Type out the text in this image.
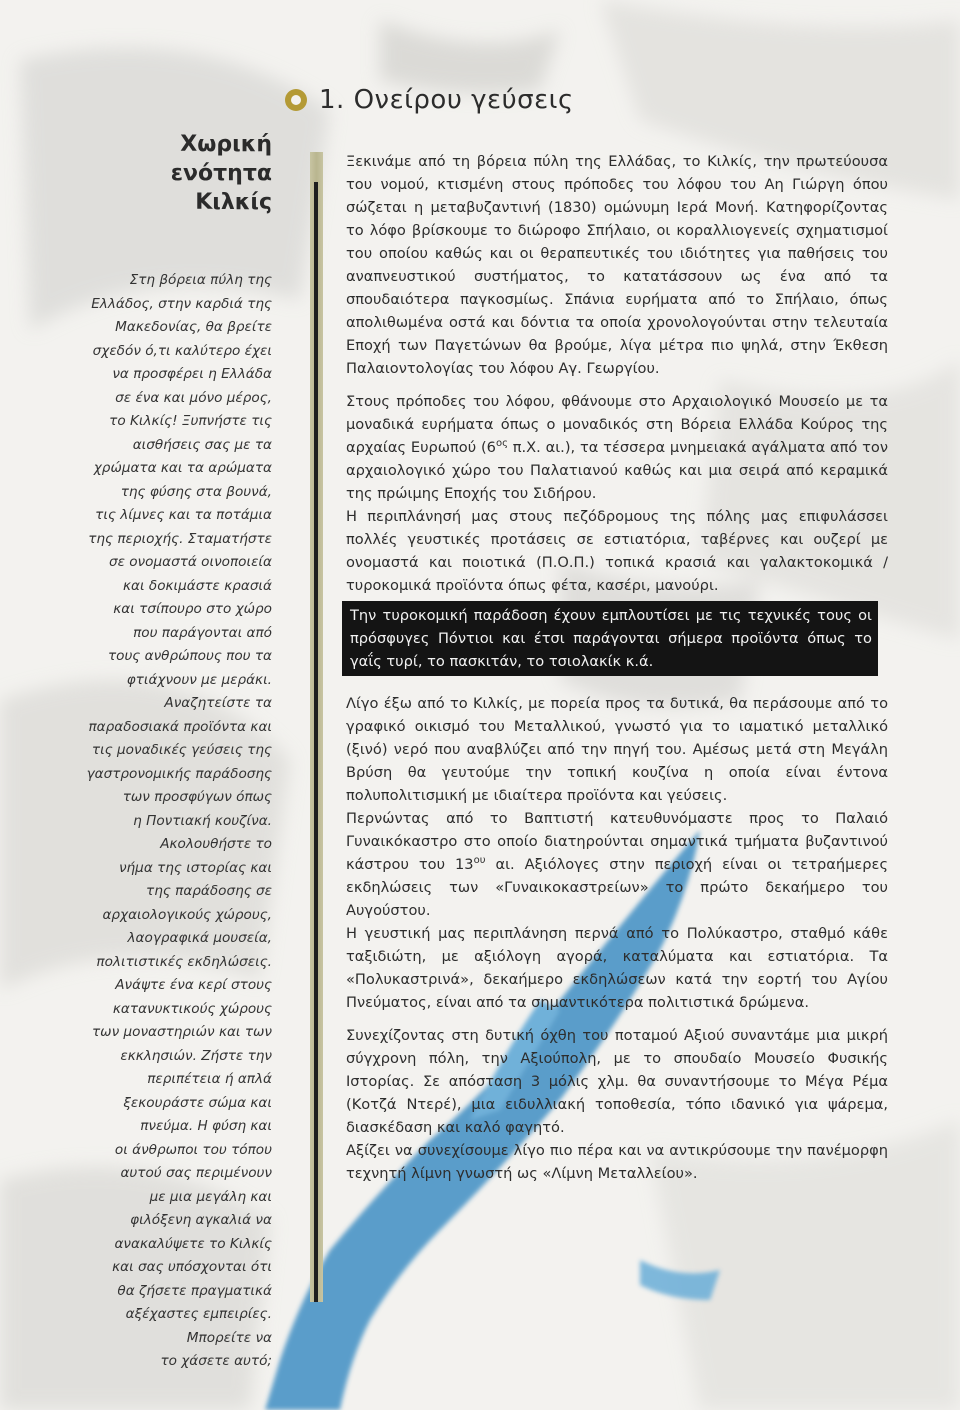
1. Ονείρου γεύσεις
Χωρική
ενότητα
Κιλκίς
Στη βόρεια πύλη της
Ελλάδος, στην καρδιά της
Μακεδονίας, θα βρείτε
σχεδόν ό,τι καλύτερο έχει
να προσφέρει η Ελλάδα
σε ένα και μόνο μέρος,
το Κιλκίς! Ξυπνήστε τις
αισθήσεις σας με τα
χρώματα και τα αρώματα
της φύσης στα βουνά,
τις λίμνες και τα ποτάμια
της περιοχής. Σταματήστε
σε ονομαστά οινοποιεία
και δοκιμάστε κρασιά
και τσίπουρο στο χώρο
που παράγονται από
τους ανθρώπους που τα
φτιάχνουν με μεράκι.
Αναζητείστε τα
παραδοσιακά προϊόντα και
τις μοναδικές γεύσεις της
γαστρονομικής παράδοσης
των προσφύγων όπως
η Ποντιακή κουζίνα.
Ακολουθήστε το
νήμα της ιστορίας και
της παράδοσης σε
αρχαιολογικούς χώρους,
λαογραφικά μουσεία,
πολιτιστικές εκδηλώσεις.
Ανάψτε ένα κερί στους
κατανυκτικούς χώρους
των μοναστηριών και των
εκκλησιών. Ζήστε την
περιπέτεια ή απλά
ξεκουράστε σώμα και
πνεύμα. Η φύση και
οι άνθρωποι του τόπου
αυτού σας περιμένουν
με μια μεγάλη και
φιλόξενη αγκαλιά να
ανακαλύψετε το Κιλκίς
και σας υπόσχονται ότι
θα ζήσετε πραγματικά
αξέχαστες εμπειρίες.
Μπορείτε να
το χάσετε αυτό;

Ξεκινάμε από τη βόρεια πύλη της Ελλάδας, το Κιλκίς, την πρωτεύουσα του νομού, κτισμένη στους πρόποδες του λόφου του Αη Γιώργη όπου σώζεται η μεταβυζαντινή (1830) ομώνυμη Ιερά Μονή. Κατηφορίζοντας το λόφο βρίσκουμε το διώροφο Σπήλαιο, οι κοραλλιογενείς σχηματισμοί του οποίου καθώς και οι θεραπευτικές του ιδιότητες για παθήσεις του αναπνευστικού συστήματος, το κατατάσσουν ως ένα από τα σπουδαιότερα παγκοσμίως. Σπάνια ευρήματα από το Σπήλαιο, όπως απολιθωμένα οστά και δόντια τα οποία χρονολογούνται στην τελευταία Εποχή των Παγετώνων θα βρούμε, λίγα μέτρα πιο ψηλά, στην Έκθεση Παλαιοντολογίας του λόφου Αγ. Γεωργίου.

Στους πρόποδες του λόφου, φθάνουμε στο Αρχαιολογικό Μουσείο με τα μοναδικά ευρήματα όπως ο μοναδικός στη Βόρεια Ελλάδα Κούρος της αρχαίας Ευρωπού ($6^{o\varsigma}$ π.Χ. αι.), τα τέσσερα μνημειακά αγάλματα από τον αρχαιολογικό χώρο του Παλατιανού καθώς και μια σειρά από κεραμικά της πρώιμης Εποχής του Σιδήρου.

Η περιπλάνησή μας στους πεζόδρομους της πόλης μας επιφυλάσσει πολλές γευστικές προτάσεις σε εστιατόρια, ταβέρνες και ουζερί με ονομαστά και ποιοτικά (Π.Ο.Π.) τοπικά κρασιά και γαλακτοκομικά / τυροκομικά προϊόντα όπως φέτα, κασέρι, μανούρι.

Την τυροκομική παράδοση έχουν εμπλουτίσει με τις τεχνικές τους οι πρόσφυγες Πόντιοι και έτσι παράγονται σήμερα προϊόντα όπως το γαΐς τυρί, το πασκιτάν, το τσιολακίκ κ.ά.

Λίγο έξω από το Κιλκίς, με πορεία προς τα δυτικά, θα περάσουμε από το γραφικό οικισμό του Μεταλλικού, γνωστό για το ιαματικό μεταλλικό (ξινό) νερό που αναβλύζει από την πηγή του. Αμέσως μετά στη Μεγάλη Βρύση θα γευτούμε την τοπική κουζίνα η οποία είναι έντονα πολυπολιτισμική με ιδιαίτερα προϊόντα και γεύσεις.

Περνώντας από το Βαπτιστή κατευθυνόμαστε προς το Παλαιό Γυναικόκαστρο στο οποίο διατηρούνται σημαντικά τμήματα βυζαντινού κάστρου του $13^{o\upsilon}$ αι. Αξιόλογες στην περιοχή είναι οι τετραήμερες εκδηλώσεις των «Γυναικοκαστρείων» το πρώτο δεκαήμερο του Αυγούστου.

Η γευστική μας περιπλάνηση περνά από το Πολύκαστρο, σταθμό κάθε ταξιδιώτη, με αξιόλογη αγορά, καταλύματα και εστιατόρια. Τα «Πολυκαστρινά», δεκαήμερο εκδηλώσεων κατά την εορτή του Αγίου Πνεύματος, είναι από τα σημαντικότερα πολιτιστικά δρώμενα.

Συνεχίζοντας στη δυτική όχθη του ποταμού Αξιού συναντάμε μια μικρή σύγχρονη πόλη, την Αξιούπολη, με το σπουδαίο Μουσείο Φυσικής Ιστορίας. Σε απόσταση 3 μόλις χλμ. θα συναντήσουμε το Μέγα Ρέμα (Κοτζά Ντερέ), μια ειδυλλιακή τοποθεσία, τόπο ιδανικό για ψάρεμα, διασκέδαση και καλό φαγητό.

Αξίζει να συνεχίσουμε λίγο πιο πέρα και να αντικρύσουμε την πανέμορφη τεχνητή λίμνη γνωστή ως «Λίμνη Μεταλλείου».
